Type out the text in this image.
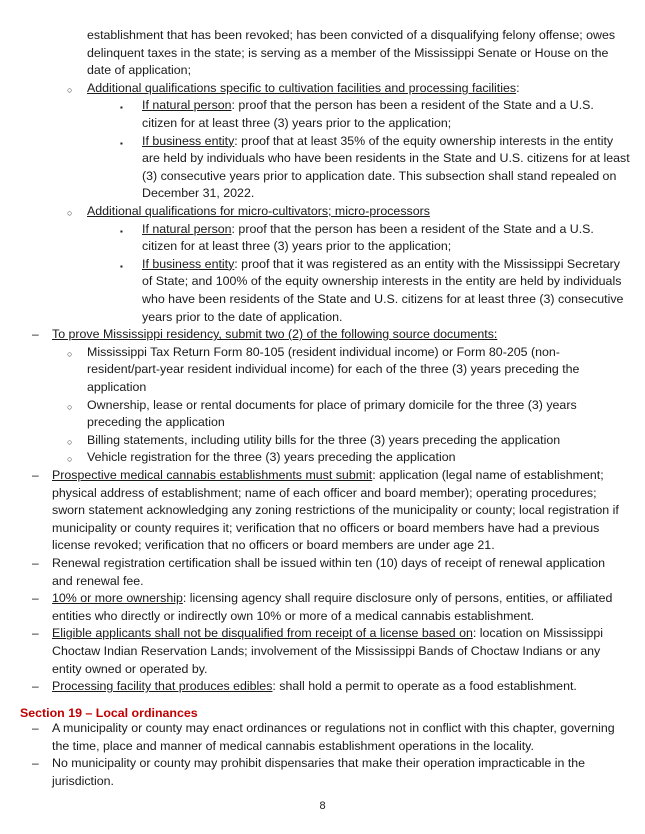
establishment that has been revoked; has been convicted of a disqualifying felony offense; owes
delinquent taxes in the state; is serving as a member of the Mississippi Senate or House on the
date of application;
○ Additional qualifications specific to cultivation facilities and processing facilities:
▪ If natural person: proof that the person has been a resident of the State and a U.S.
citizen for at least three (3) years prior to the application;
▪ If business entity: proof that at least 35% of the equity ownership interests in the entity
are held by individuals who have been residents in the State and U.S. citizens for at least
(3) consecutive years prior to application date. This subsection shall stand repealed on
December 31, 2022.
○ Additional qualifications for micro-cultivators; micro-processors
▪ If natural person: proof that the person has been a resident of the State and a U.S.
citizen for at least three (3) years prior to the application;
▪ If business entity: proof that it was registered as an entity with the Mississippi Secretary
of State; and 100% of the equity ownership interests in the entity are held by individuals
who have been residents of the State and U.S. citizens for at least three (3) consecutive
years prior to the date of application.
– To prove Mississippi residency, submit two (2) of the following source documents:
○ Mississippi Tax Return Form 80-105 (resident individual income) or Form 80-205 (non-
resident/part-year resident individual income) for each of the three (3) years preceding the
application
○ Ownership, lease or rental documents for place of primary domicile for the three (3) years
preceding the application
○ Billing statements, including utility bills for the three (3) years preceding the application
○ Vehicle registration for the three (3) years preceding the application
– Prospective medical cannabis establishments must submit: application (legal name of establishment;
physical address of establishment; name of each officer and board member); operating procedures;
sworn statement acknowledging any zoning restrictions of the municipality or county; local registration if
municipality or county requires it; verification that no officers or board members have had a previous
license revoked; verification that no officers or board members are under age 21.
– Renewal registration certification shall be issued within ten (10) days of receipt of renewal application
and renewal fee.
– 10% or more ownership: licensing agency shall require disclosure only of persons, entities, or affiliated
entities who directly or indirectly own 10% or more of a medical cannabis establishment.
– Eligible applicants shall not be disqualified from receipt of a license based on: location on Mississippi
Choctaw Indian Reservation Lands; involvement of the Mississippi Bands of Choctaw Indians or any
entity owned or operated by.
– Processing facility that produces edibles: shall hold a permit to operate as a food establishment.
Section 19 – Local ordinances
– A municipality or county may enact ordinances or regulations not in conflict with this chapter, governing
the time, place and manner of medical cannabis establishment operations in the locality.
– No municipality or county may prohibit dispensaries that make their operation impracticable in the
jurisdiction.
8
